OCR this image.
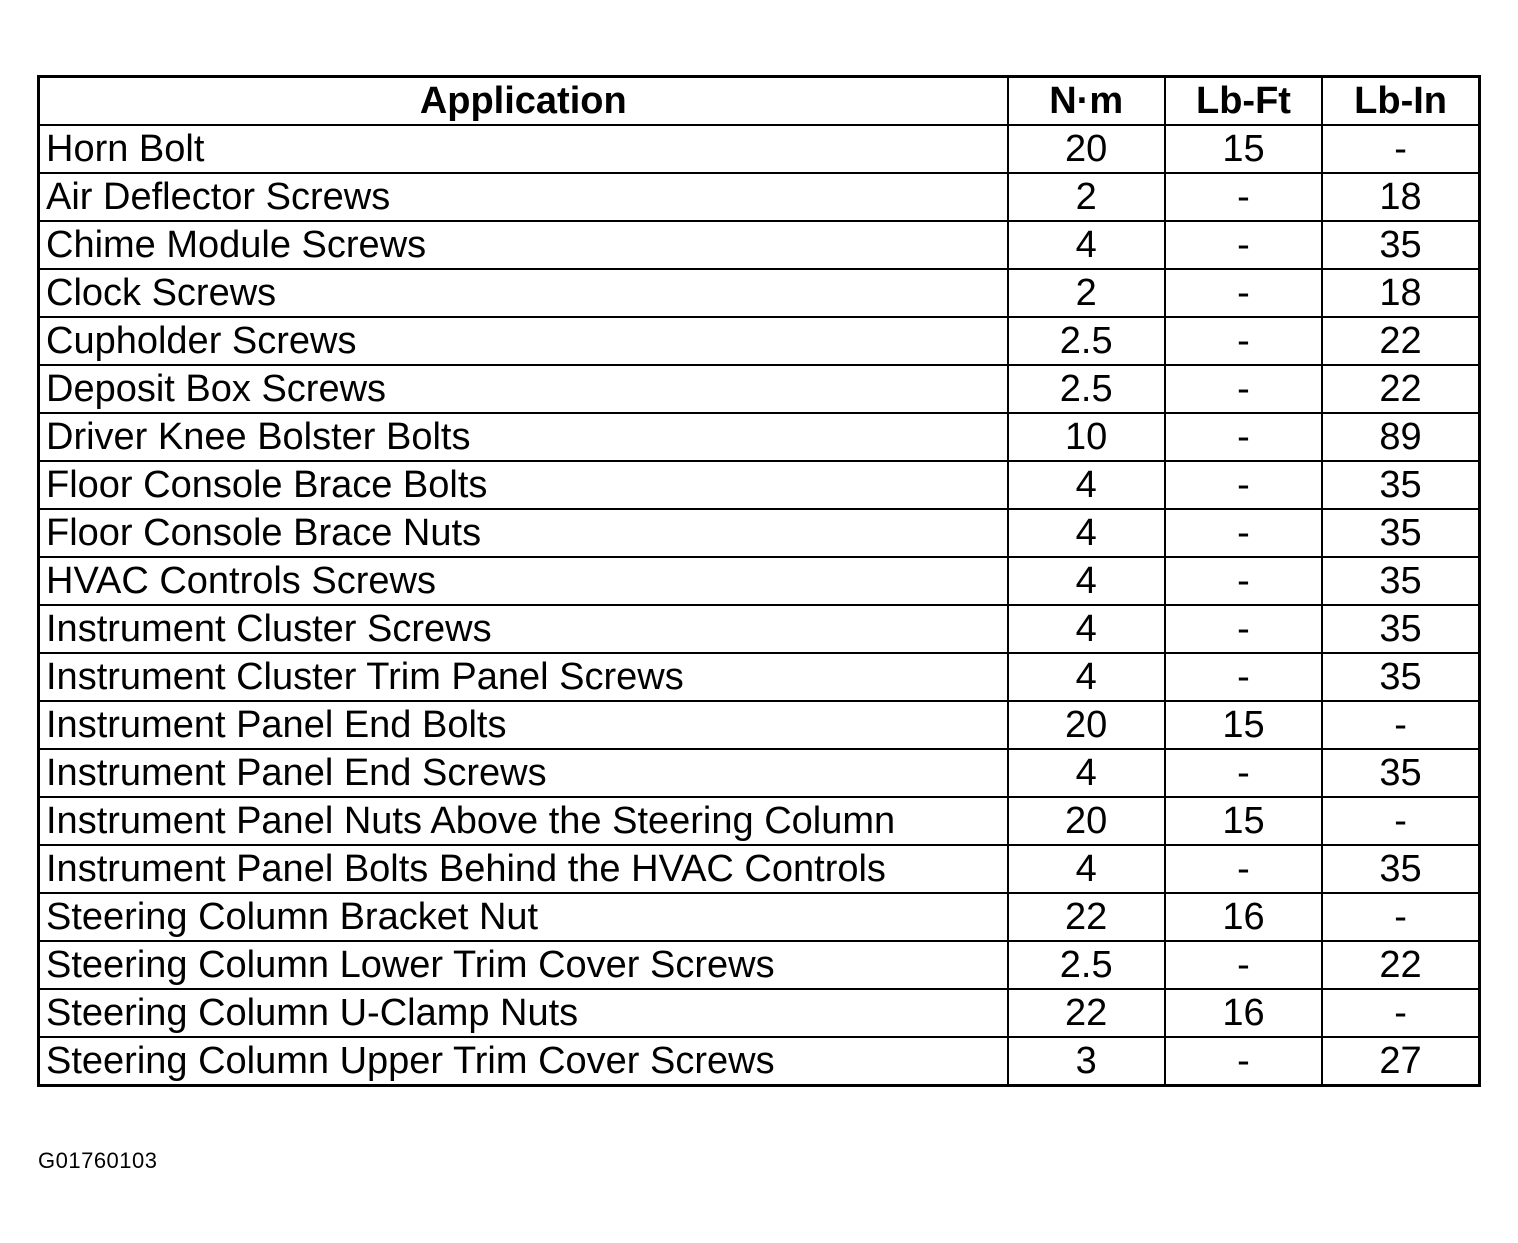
Application	N·m	Lb-Ft	Lb-In
Horn Bolt	20	15	-
Air Deflector Screws	2	-	18
Chime Module Screws	4	-	35
Clock Screws	2	-	18
Cupholder Screws	2.5	-	22
Deposit Box Screws	2.5	-	22
Driver Knee Bolster Bolts	10	-	89
Floor Console Brace Bolts	4	-	35
Floor Console Brace Nuts	4	-	35
HVAC Controls Screws	4	-	35
Instrument Cluster Screws	4	-	35
Instrument Cluster Trim Panel Screws	4	-	35
Instrument Panel End Bolts	20	15	-
Instrument Panel End Screws	4	-	35
Instrument Panel Nuts Above the Steering Column	20	15	-
Instrument Panel Bolts Behind the HVAC Controls	4	-	35
Steering Column Bracket Nut	22	16	-
Steering Column Lower Trim Cover Screws	2.5	-	22
Steering Column U-Clamp Nuts	22	16	-
Steering Column Upper Trim Cover Screws	3	-	27
G01760103
